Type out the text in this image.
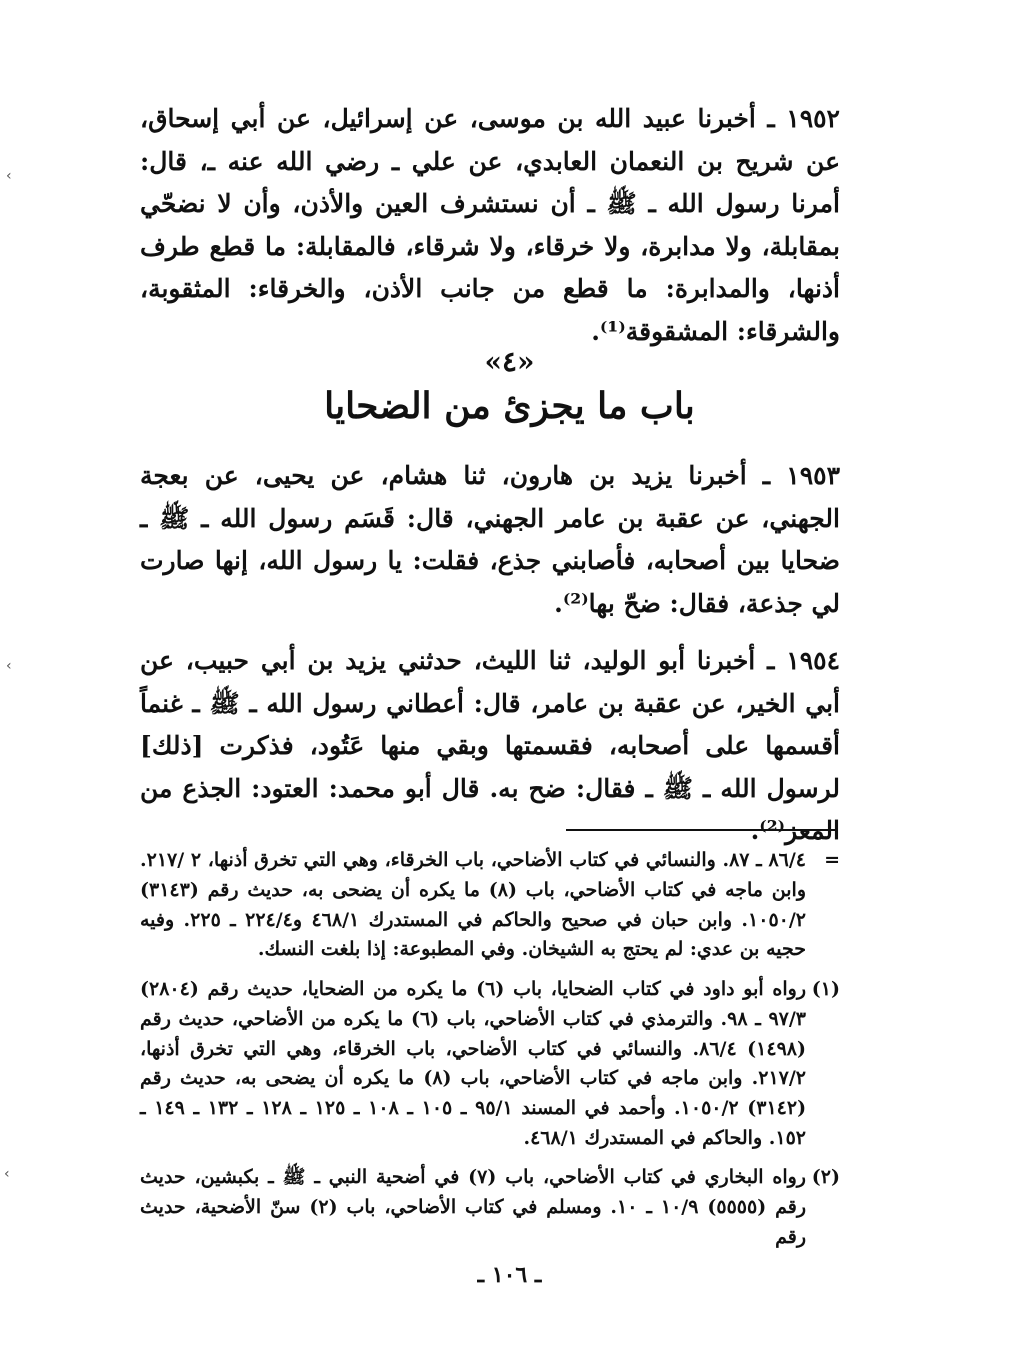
١٩٥٢ ـ أخبرنا عبيد الله بن موسى، عن إسرائيل، عن أبي إسحاق، عن شريح بن النعمان العابدي، عن علي ـ رضي الله عنه ـ، قال: أمرنا رسول الله ـ ﷺ ـ أن نستشرف العين والأذن، وأن لا نضحّي بمقابلة، ولا مدابرة، ولا خرقاء، ولا شرقاء، فالمقابلة: ما قطع طرف أذنها، والمدابرة: ما قطع من جانب الأذن، والخرقاء: المثقوبة، والشرقاء: المشقوقة⁽¹⁾.
«٤»
باب ما يجزئ من الضحايا
١٩٥٣ ـ أخبرنا يزيد بن هارون، ثنا هشام، عن يحيى، عن بعجة الجهني، عن عقبة بن عامر الجهني، قال: قَسَم رسول الله ـ ﷺ ـ ضحايا بين أصحابه، فأصابني جذع، فقلت: يا رسول الله، إنها صارت لي جذعة، فقال: ضحّ بها⁽²⁾.
١٩٥٤ ـ أخبرنا أبو الوليد، ثنا الليث، حدثني يزيد بن أبي حبيب، عن أبي الخير، عن عقبة بن عامر، قال: أعطاني رسول الله ـ ﷺ ـ غنماً أقسمها على أصحابه، فقسمتها وبقي منها عَتُود، فذكرت [ذلك] لرسول الله ـ ﷺ ـ فقال: ضح به. قال أبو محمد: العتود: الجذع من المعز⁽²⁾.
=
٨٦/٤ ـ ٨٧. والنسائي في كتاب الأضاحي، باب الخرقاء، وهي التي تخرق أذنها، ٢ /٢١٧. وابن ماجه في كتاب الأضاحي، باب (٨) ما يكره أن يضحى به، حديث رقم (٣١٤٣) ١٠٥٠/٢. وابن حبان في صحيح والحاكم في المستدرك ٤٦٨/١ و٢٢٤/٤ ـ ٢٢٥. وفيه حجيه بن عدي: لم يحتج به الشيخان. وفي المطبوعة: إذا بلغت النسك.
(١)
رواه أبو داود في كتاب الضحايا، باب (٦) ما يكره من الضحايا، حديث رقم (٢٨٠٤) ٩٧/٣ ـ ٩٨. والترمذي في كتاب الأضاحي، باب (٦) ما يكره من الأضاحي، حديث رقم (١٤٩٨) ٨٦/٤. والنسائي في كتاب الأضاحي، باب الخرقاء، وهي التي تخرق أذنها، ٢١٧/٢. وابن ماجه في كتاب الأضاحي، باب (٨) ما يكره أن يضحى به، حديث رقم (٣١٤٢) ١٠٥٠/٢. وأحمد في المسند ٩٥/١ ـ ١٠٥ ـ ١٠٨ ـ ١٢٥ ـ ١٢٨ ـ ١٣٢ ـ ١٤٩ ـ ١٥٢. والحاكم في المستدرك ٤٦٨/١.
(٢)
رواه البخاري في كتاب الأضاحي، باب (٧) في أضحية النبي ـ ﷺ ـ بكبشين، حديث رقم (٥٥٥٥) ١٠/٩ ـ ١٠. ومسلم في كتاب الأضاحي، باب (٢) سنّ الأضحية، حديث رقم
ـ ١٠٦ ـ
‹
‹
‹
